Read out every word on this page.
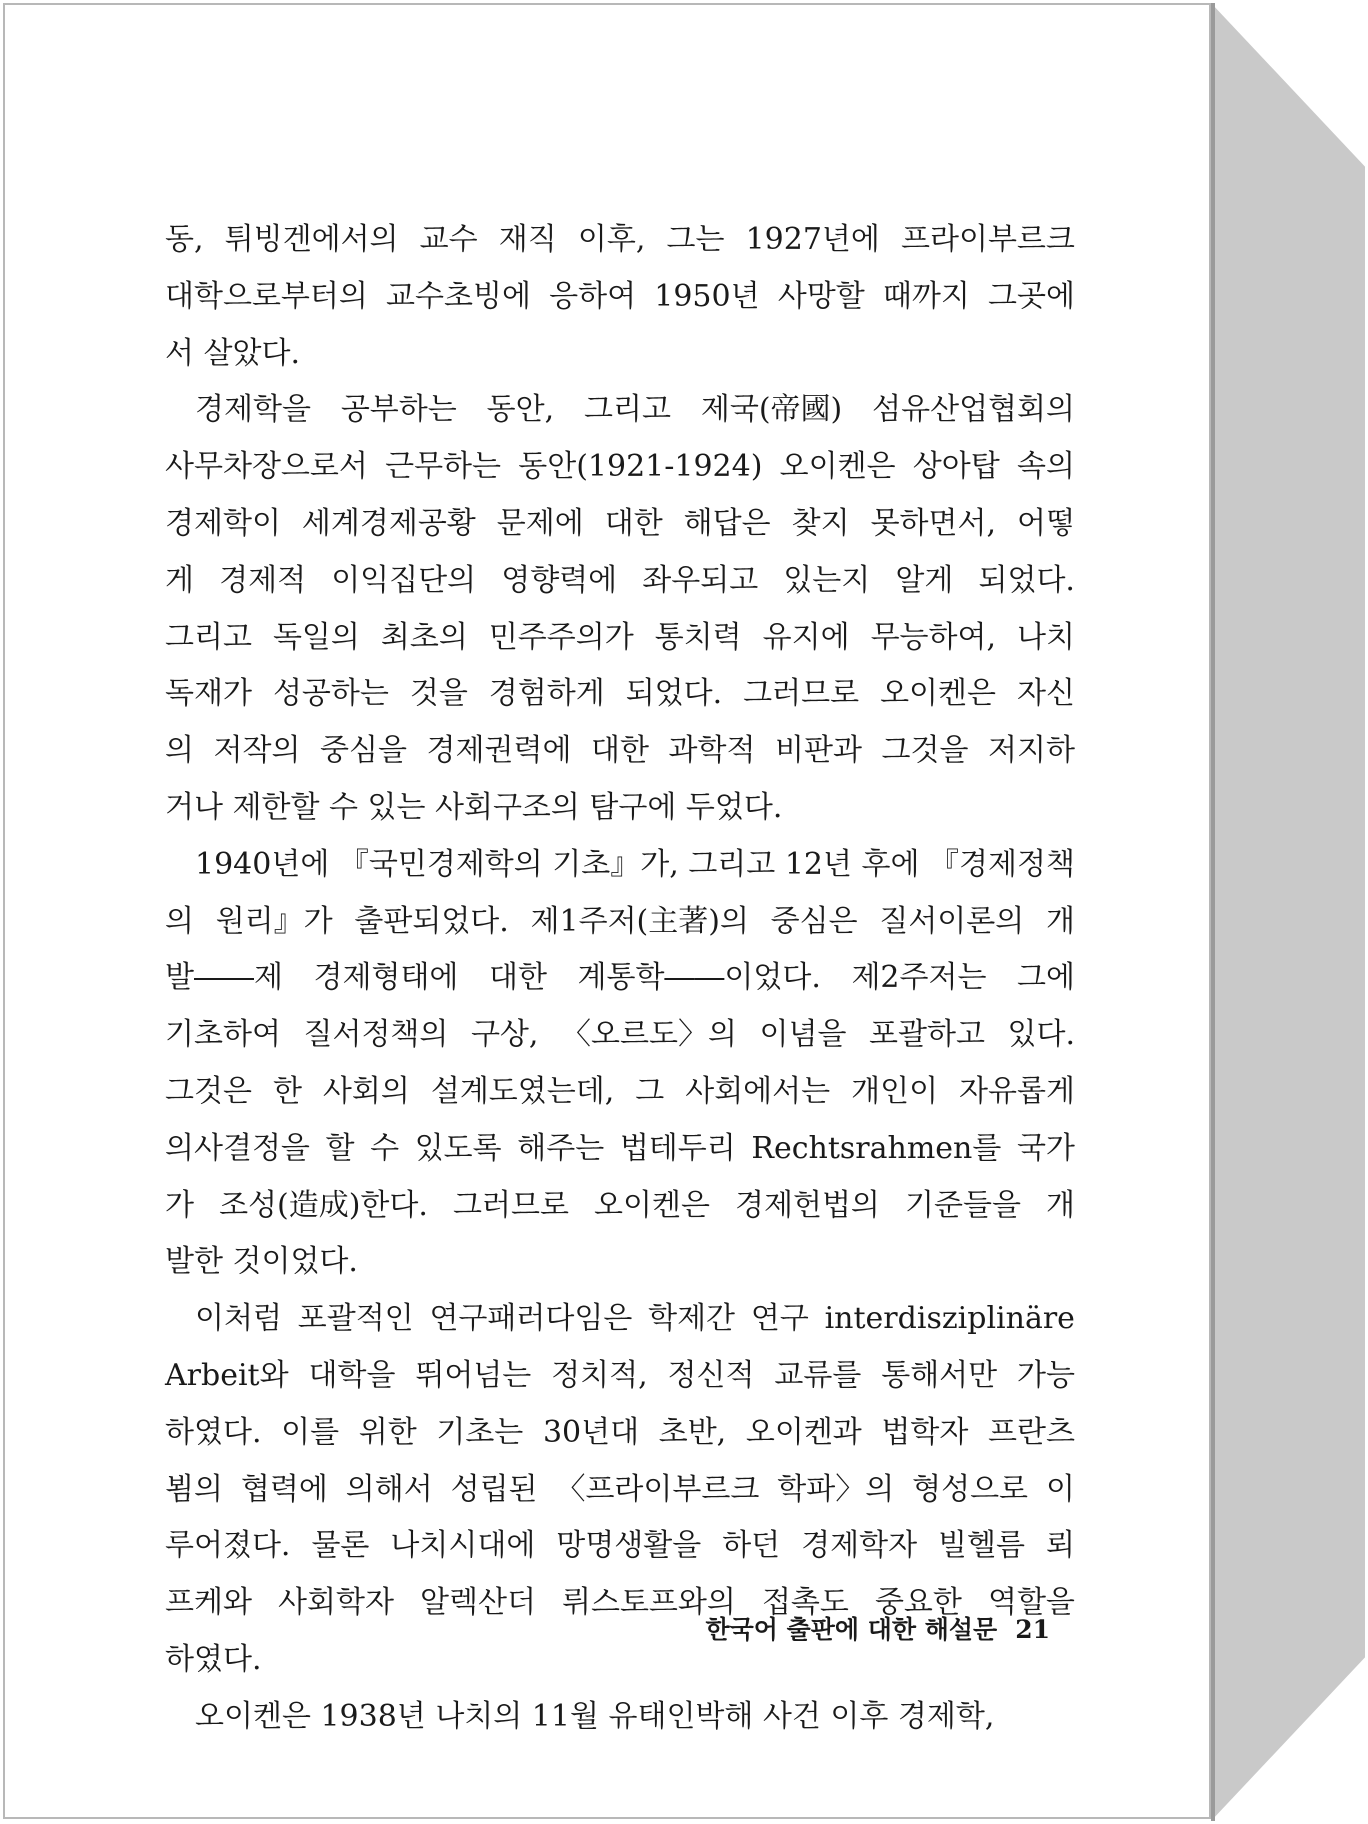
동, 튀빙겐에서의 교수 재직 이후, 그는 1927년에 프라이부르크
대학으로부터의 교수초빙에 응하여 1950년 사망할 때까지 그곳에
서 살았다.

경제학을 공부하는 동안, 그리고 제국(帝國) 섬유산업협회의
사무차장으로서 근무하는 동안(1921-1924) 오이켄은 상아탑 속의
경제학이 세계경제공황 문제에 대한 해답은 찾지 못하면서, 어떻
게 경제적 이익집단의 영향력에 좌우되고 있는지 알게 되었다.
그리고 독일의 최초의 민주주의가 통치력 유지에 무능하여, 나치
독재가 성공하는 것을 경험하게 되었다. 그러므로 오이켄은 자신
의 저작의 중심을 경제권력에 대한 과학적 비판과 그것을 저지하
거나 제한할 수 있는 사회구조의 탐구에 두었다.

1940년에 『국민경제학의 기초』가, 그리고 12년 후에 『경제정책
의 원리』가 출판되었다. 제1주저(主著)의 중심은 질서이론의 개
발――제 경제형태에 대한 계통학――이었다. 제2주저는 그에
기초하여 질서정책의 구상, 〈오르도〉의 이념을 포괄하고 있다.
그것은 한 사회의 설계도였는데, 그 사회에서는 개인이 자유롭게
의사결정을 할 수 있도록 해주는 법테두리 Rechtsrahmen를 국가
가 조성(造成)한다. 그러므로 오이켄은 경제헌법의 기준들을 개
발한 것이었다.

이처럼 포괄적인 연구패러다임은 학제간 연구 interdisziplinäre
Arbeit와 대학을 뛰어넘는 정치적, 정신적 교류를 통해서만 가능
하였다. 이를 위한 기초는 30년대 초반, 오이켄과 법학자 프란츠
뵘의 협력에 의해서 성립된 〈프라이부르크 학파〉의 형성으로 이
루어졌다. 물론 나치시대에 망명생활을 하던 경제학자 빌헬름 뢰
프케와 사회학자 알렉산더 뤼스토프와의 접촉도 중요한 역할을
하였다.

오이켄은 1938년 나치의 11월 유태인박해 사건 이후 경제학,

한국어 출판에 대한 해설문 21
